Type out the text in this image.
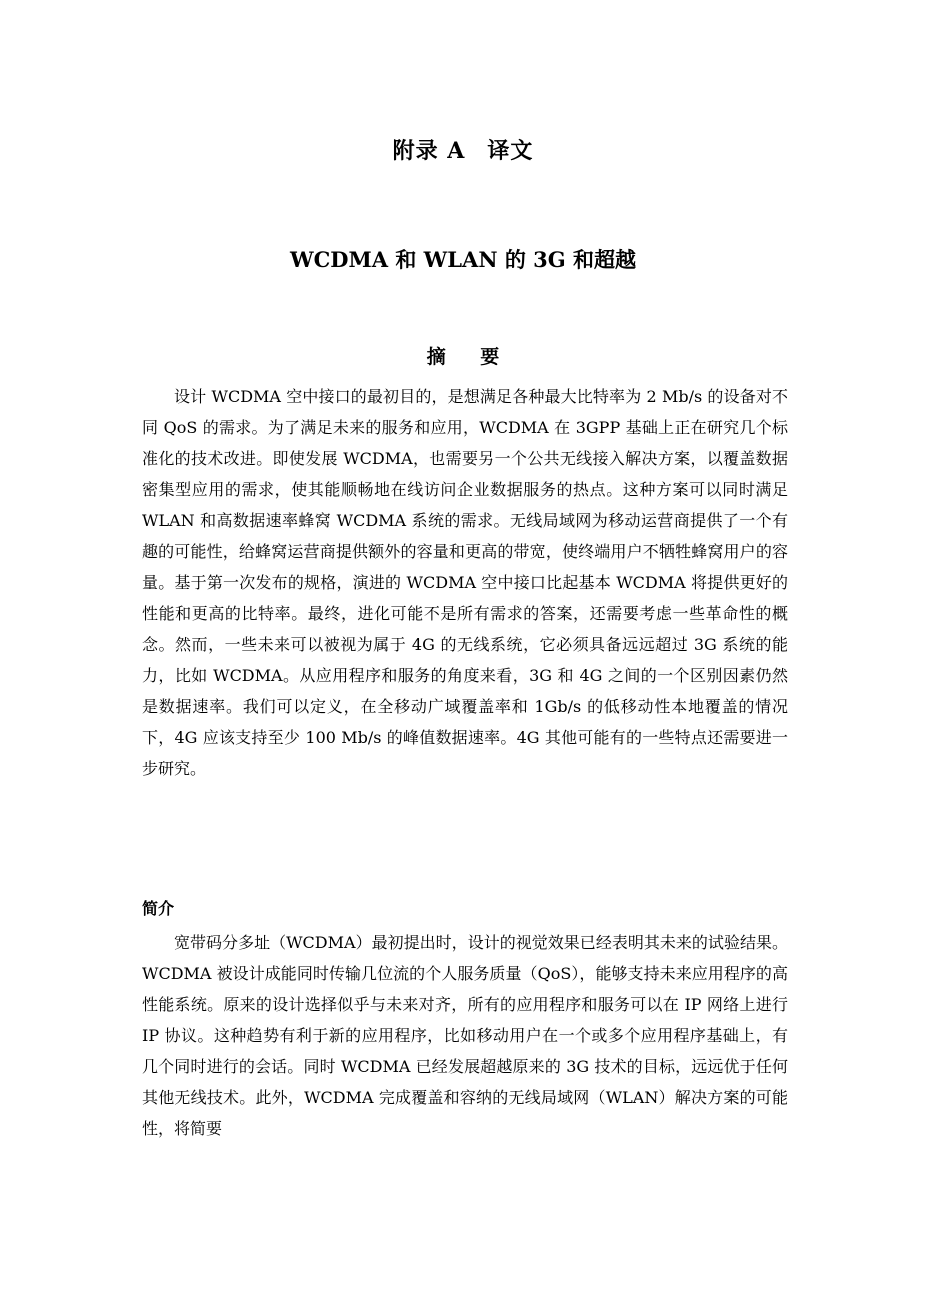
附录 A 译文
WCDMA 和 WLAN 的 3G 和超越
摘 要

设计 WCDMA 空中接口的最初目的，是想满足各种最大比特率为 2 Mb/s 的设备对不同 QoS 的需求。为了满足未来的服务和应用，WCDMA 在 3GPP 基础上正在研究几个标准化的技术改进。即使发展 WCDMA，也需要另一个公共无线接入解决方案，以覆盖数据密集型应用的需求，使其能顺畅地在线访问企业数据服务的热点。这种方案可以同时满足 WLAN 和高数据速率蜂窝 WCDMA 系统的需求。无线局域网为移动运营商提供了一个有趣的可能性，给蜂窝运营商提供额外的容量和更高的带宽，使终端用户不牺牲蜂窝用户的容量。基于第一次发布的规格，演进的 WCDMA 空中接口比起基本 WCDMA 将提供更好的性能和更高的比特率。最终，进化可能不是所有需求的答案，还需要考虑一些革命性的概念。然而，一些未来可以被视为属于 4G 的无线系统，它必须具备远远超过 3G 系统的能力，比如 WCDMA。从应用程序和服务的角度来看，3G 和 4G 之间的一个区别因素仍然是数据速率。我们可以定义，在全移动广域覆盖率和 1Gb/s 的低移动性本地覆盖的情况下，4G 应该支持至少 100 Mb/s 的峰值数据速率。4G 其他可能有的一些特点还需要进一步研究。

简介

宽带码分多址（WCDMA）最初提出时，设计的视觉效果已经表明其未来的试验结果。WCDMA 被设计成能同时传输几位流的个人服务质量（QoS），能够支持未来应用程序的高性能系统。原来的设计选择似乎与未来对齐，所有的应用程序和服务可以在 IP 网络上进行 IP 协议。这种趋势有利于新的应用程序，比如移动用户在一个或多个应用程序基础上，有几个同时进行的会话。同时 WCDMA 已经发展超越原来的 3G 技术的目标，远远优于任何其他无线技术。此外，WCDMA 完成覆盖和容纳的无线局域网（WLAN）解决方案的可能性，将简要
